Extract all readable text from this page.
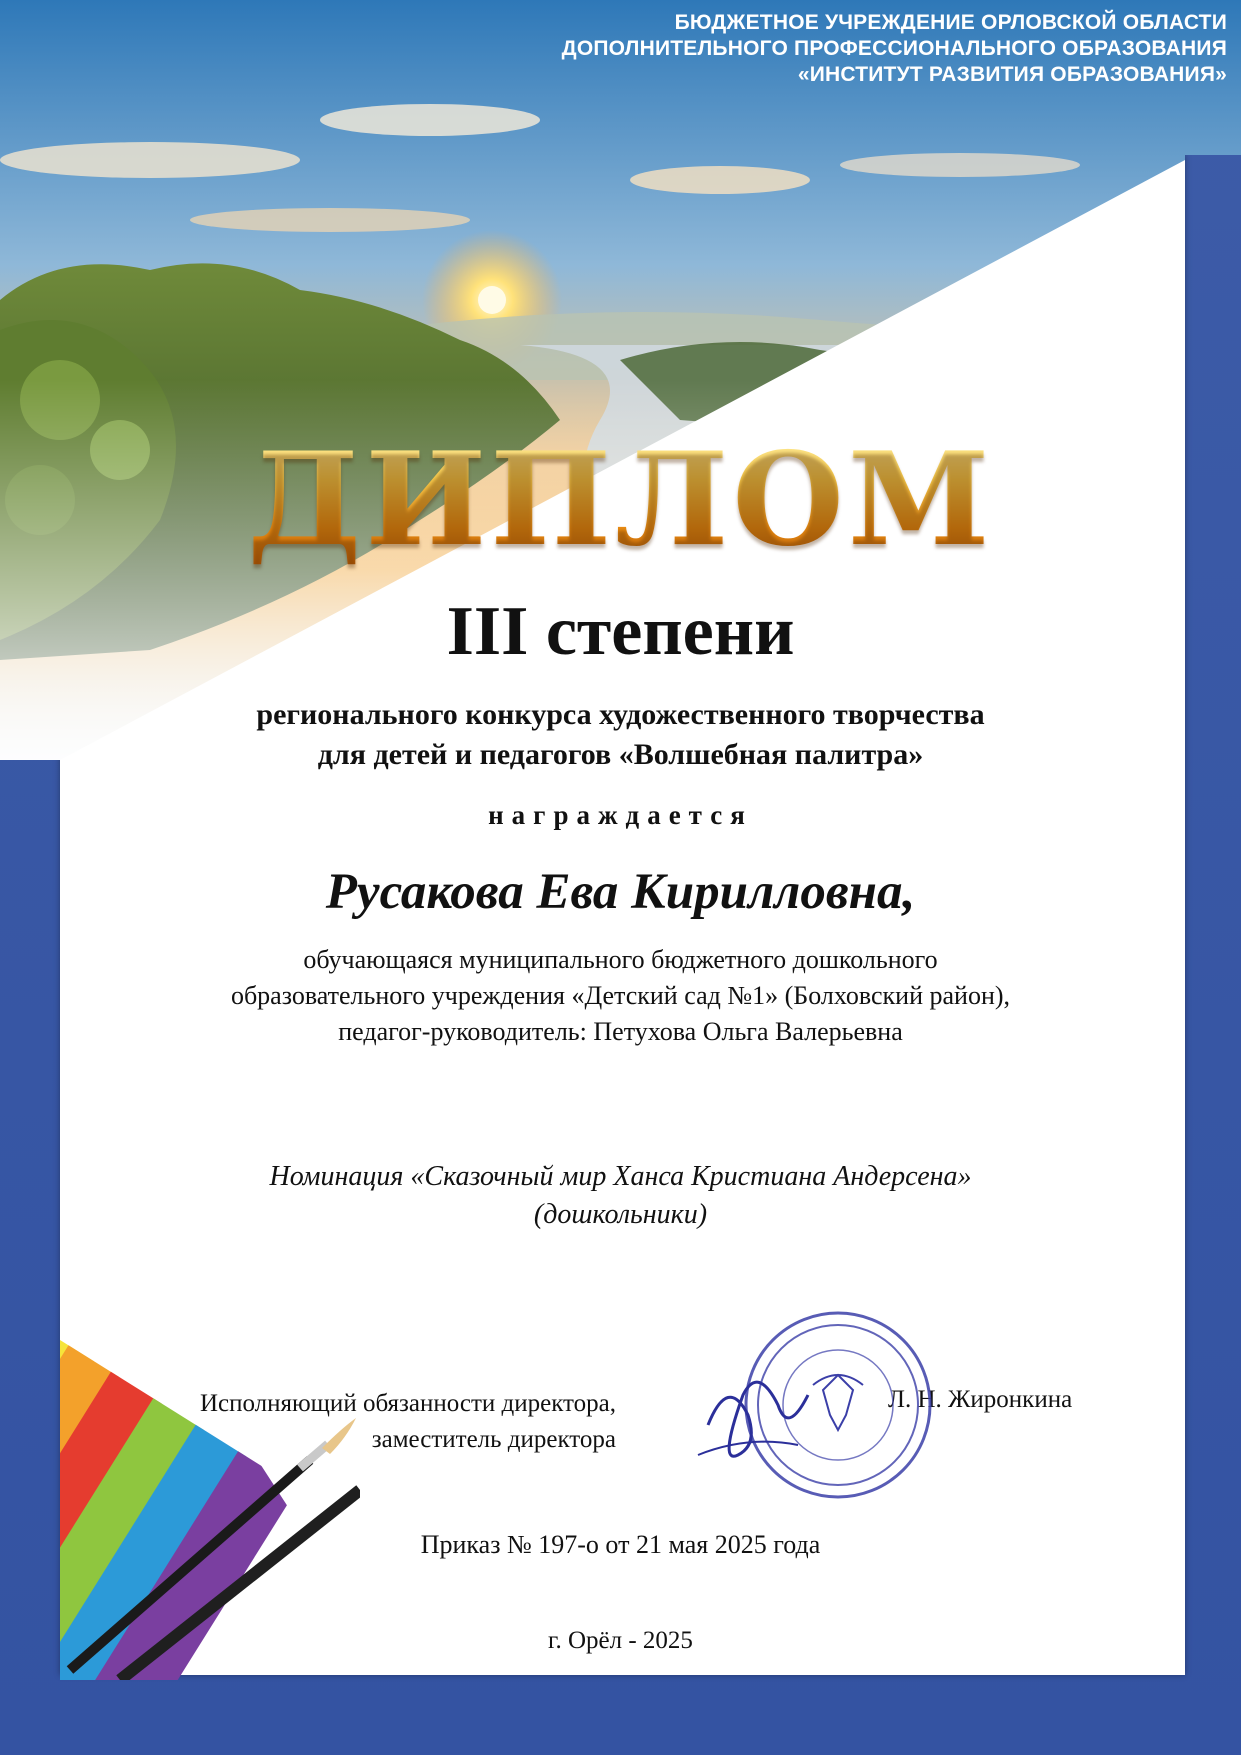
БЮДЖЕТНОЕ УЧРЕЖДЕНИЕ ОРЛОВСКОЙ ОБЛАСТИ
ДОПОЛНИТЕЛЬНОГО ПРОФЕССИОНАЛЬНОГО ОБРАЗОВАНИЯ
«ИНСТИТУТ РАЗВИТИЯ ОБРАЗОВАНИЯ»
ДИПЛОМ
III степени
регионального конкурса художественного творчества
для детей и педагогов «Волшебная палитра»
награждается
Русакова Ева Кирилловна,
обучающаяся муниципального бюджетного дошкольного
образовательного учреждения «Детский сад №1» (Болховский район),
педагог-руководитель: Петухова Ольга Валерьевна
Номинация «Сказочный мир Ханса Кристиана Андерсена»
(дошкольники)
Исполняющий обязанности директора,
заместитель директора
Л. Н. Жиронкина
Приказ № 197-о от 21 мая 2025 года
г. Орёл - 2025
